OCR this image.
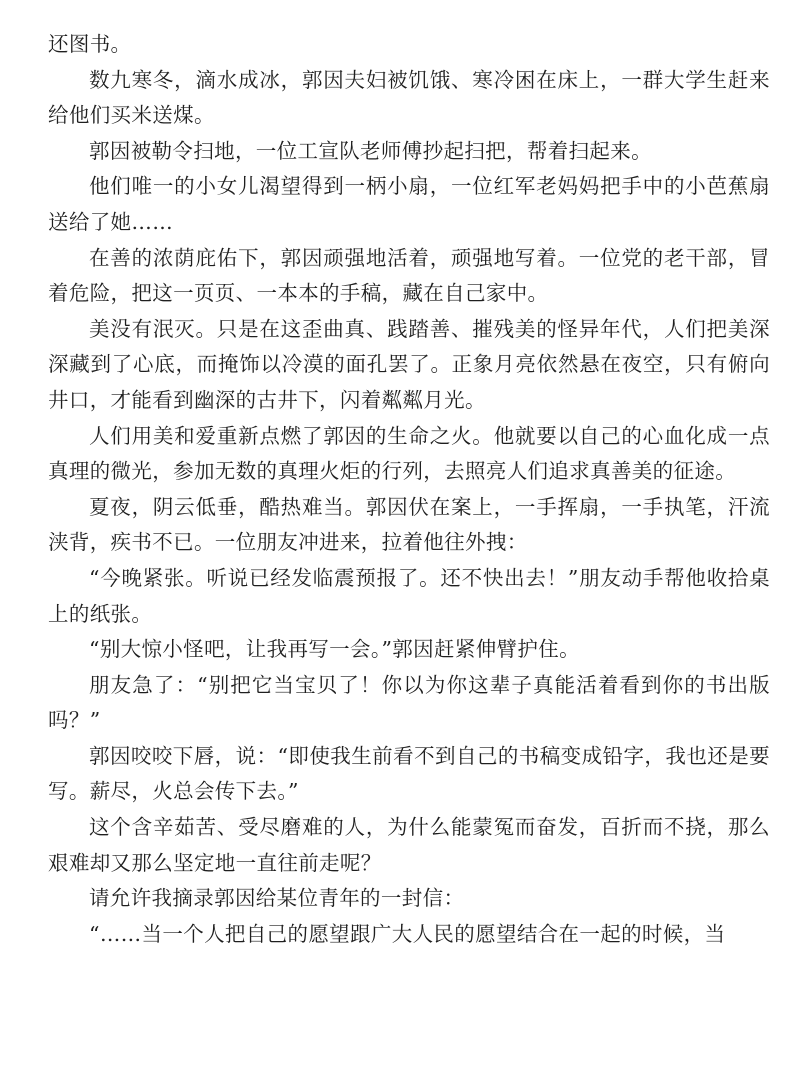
还图书。

数九寒冬，滴水成冰，郭因夫妇被饥饿、寒冷困在床上，一群大学生赶来给他们买米送煤。

郭因被勒令扫地，一位工宣队老师傅抄起扫把，帮着扫起来。

他们唯一的小女儿渴望得到一柄小扇，一位红军老妈妈把手中的小芭蕉扇送给了她……

在善的浓荫庇佑下，郭因顽强地活着，顽强地写着。一位党的老干部，冒着危险，把这一页页、一本本的手稿，藏在自己家中。

美没有泯灭。只是在这歪曲真、践踏善、摧残美的怪异年代，人们把美深深藏到了心底，而掩饰以冷漠的面孔罢了。正象月亮依然悬在夜空，只有俯向井口，才能看到幽深的古井下，闪着粼粼月光。

人们用美和爱重新点燃了郭因的生命之火。他就要以自己的心血化成一点真理的微光，参加无数的真理火炬的行列，去照亮人们追求真善美的征途。

夏夜，阴云低垂，酷热难当。郭因伏在案上，一手挥扇，一手执笔，汗流浃背，疾书不已。一位朋友冲进来，拉着他往外拽：

“今晚紧张。听说已经发临震预报了。还不快出去！”朋友动手帮他收拾桌上的纸张。

“别大惊小怪吧，让我再写一会。”郭因赶紧伸臂护住。

朋友急了：“别把它当宝贝了！你以为你这辈子真能活着看到你的书出版吗？”

郭因咬咬下唇，说：“即使我生前看不到自己的书稿变成铅字，我也还是要写。薪尽，火总会传下去。”

这个含辛茹苦、受尽磨难的人，为什么能蒙冤而奋发，百折而不挠，那么艰难却又那么坚定地一直往前走呢？

请允许我摘录郭因给某位青年的一封信：

“……当一个人把自己的愿望跟广大人民的愿望结合在一起的时候，当
